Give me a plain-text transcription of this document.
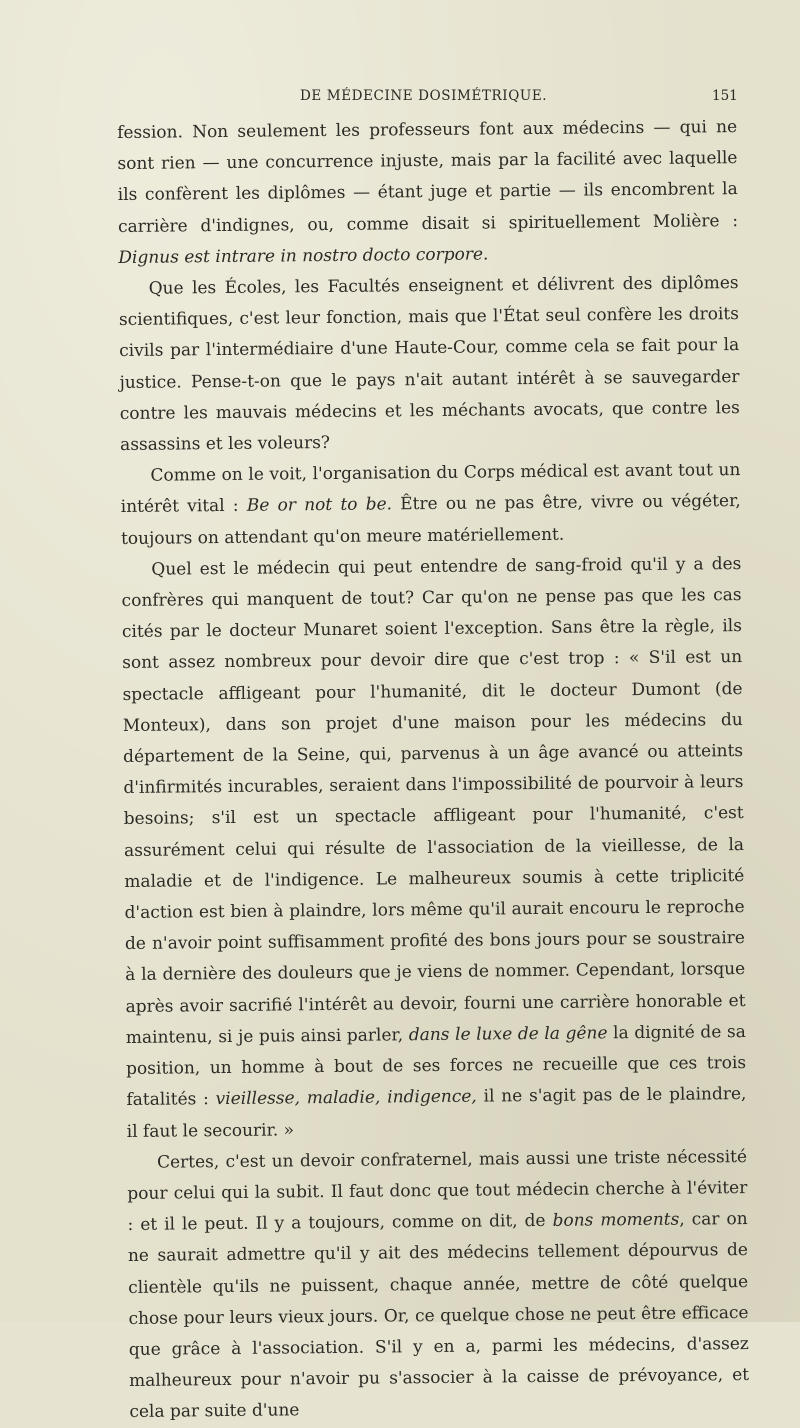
DE MÉDECINE DOSIMÉTRIQUE.	151

fession. Non seulement les professeurs font aux médecins — qui ne sont rien — une concurrence injuste, mais par la facilité avec laquelle ils confèrent les diplômes — étant juge et partie — ils encombrent la carrière d'indignes, ou, comme disait si spirituellement Molière : Dignus est intrare in nostro docto corpore.

Que les Écoles, les Facultés enseignent et délivrent des diplômes scientifiques, c'est leur fonction, mais que l'État seul confère les droits civils par l'intermédiaire d'une Haute-Cour, comme cela se fait pour la justice. Pense-t-on que le pays n'ait autant intérêt à se sauvegarder contre les mauvais médecins et les méchants avocats, que contre les assassins et les voleurs?

Comme on le voit, l'organisation du Corps médical est avant tout un intérêt vital : Be or not to be. Être ou ne pas être, vivre ou végéter, toujours on attendant qu'on meure matériellement.

Quel est le médecin qui peut entendre de sang-froid qu'il y a des confrères qui manquent de tout? Car qu'on ne pense pas que les cas cités par le docteur Munaret soient l'exception. Sans être la règle, ils sont assez nombreux pour devoir dire que c'est trop : « S'il est un spectacle affligeant pour l'humanité, dit le docteur Dumont (de Monteux), dans son projet d'une maison pour les médecins du département de la Seine, qui, parvenus à un âge avancé ou atteints d'infirmités incurables, seraient dans l'impossibilité de pourvoir à leurs besoins; s'il est un spectacle affligeant pour l'humanité, c'est assurément celui qui résulte de l'association de la vieillesse, de la maladie et de l'indigence. Le malheureux soumis à cette triplicité d'action est bien à plaindre, lors même qu'il aurait encouru le reproche de n'avoir point suffisamment profité des bons jours pour se soustraire à la dernière des douleurs que je viens de nommer. Cependant, lorsque après avoir sacrifié l'intérêt au devoir, fourni une carrière honorable et maintenu, si je puis ainsi parler, dans le luxe de la gêne la dignité de sa position, un homme à bout de ses forces ne recueille que ces trois fatalités : vieillesse, maladie, indigence, il ne s'agit pas de le plaindre, il faut le secourir. »

Certes, c'est un devoir confraternel, mais aussi une triste nécessité pour celui qui la subit. Il faut donc que tout médecin cherche à l'éviter : et il le peut. Il y a toujours, comme on dit, de bons moments, car on ne saurait admettre qu'il y ait des médecins tellement dépourvus de clientèle qu'ils ne puissent, chaque année, mettre de côté quelque chose pour leurs vieux jours. Or, ce quelque chose ne peut être efficace que grâce à l'association. S'il y en a, parmi les médecins, d'assez malheureux pour n'avoir pu s'associer à la caisse de prévoyance, et cela par suite d'une
